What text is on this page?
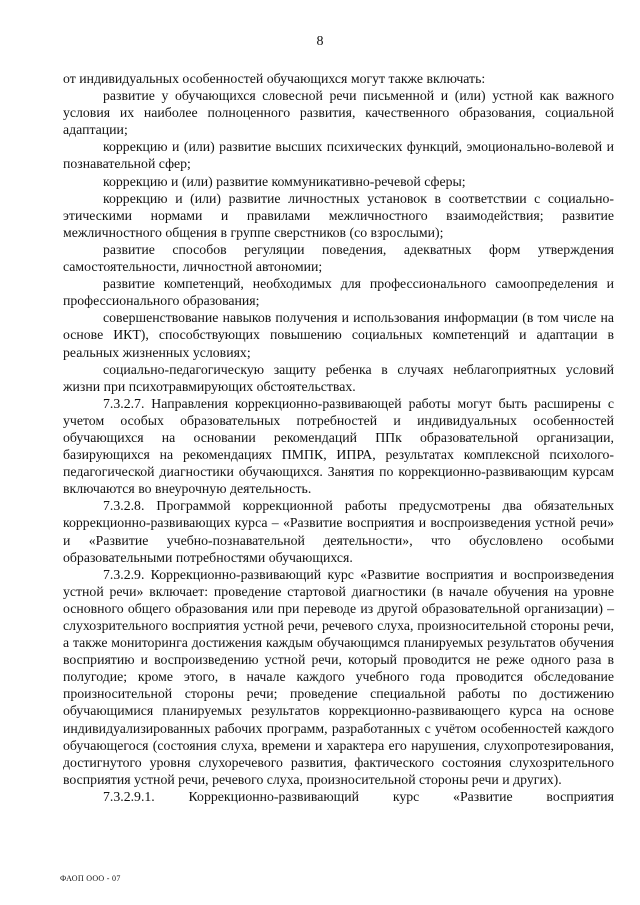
8

от индивидуальных особенностей обучающихся могут также включать:

развитие у обучающихся словесной речи письменной и (или) устной как важного условия их наиболее полноценного развития, качественного образования, социальной адаптации;

коррекцию и (или) развитие высших психических функций, эмоционально-волевой и познавательной сфер;

коррекцию и (или) развитие коммуникативно-речевой сферы;

коррекцию и (или) развитие личностных установок в соответствии с социально-этическими нормами и правилами межличностного взаимодействия; развитие межличностного общения в группе сверстников (со взрослыми);

развитие способов регуляции поведения, адекватных форм утверждения самостоятельности, личностной автономии;

развитие компетенций, необходимых для профессионального самоопределения и профессионального образования;

совершенствование навыков получения и использования информации (в том числе на основе ИКТ), способствующих повышению социальных компетенций и адаптации в реальных жизненных условиях;

социально-педагогическую защиту ребенка в случаях неблагоприятных условий жизни при психотравмирующих обстоятельствах.

7.3.2.7. Направления коррекционно-развивающей работы могут быть расширены с учетом особых образовательных потребностей и индивидуальных особенностей обучающихся на основании рекомендаций ППк образовательной организации, базирующихся на рекомендациях ПМПК, ИПРА, результатах комплексной психолого-педагогической диагностики обучающихся. Занятия по коррекционно-развивающим курсам включаются во внеурочную деятельность.

7.3.2.8. Программой коррекционной работы предусмотрены два обязательных коррекционно-развивающих курса – «Развитие восприятия и воспроизведения устной речи» и «Развитие учебно-познавательной деятельности», что обусловлено особыми образовательными потребностями обучающихся.

7.3.2.9. Коррекционно-развивающий курс «Развитие восприятия и воспроизведения устной речи» включает: проведение стартовой диагностики (в начале обучения на уровне основного общего образования или при переводе из другой образовательной организации) – слухозрительного восприятия устной речи, речевого слуха, произносительной стороны речи, а также мониторинга достижения каждым обучающимся планируемых результатов обучения восприятию и воспроизведению устной речи, который проводится не реже одного раза в полугодие; кроме этого, в начале каждого учебного года проводится обследование произносительной стороны речи; проведение специальной работы по достижению обучающимися планируемых результатов коррекционно-развивающего курса на основе индивидуализированных рабочих программ, разработанных с учётом особенностей каждого обучающегося (состояния слуха, времени и характера его нарушения, слухопротезирования, достигнутого уровня слухоречевого развития, фактического состояния слухозрительного восприятия устной речи, речевого слуха, произносительной стороны речи и других).

7.3.2.9.1. Коррекционно-развивающий курс «Развитие восприятия

ФАОП ООО - 07
